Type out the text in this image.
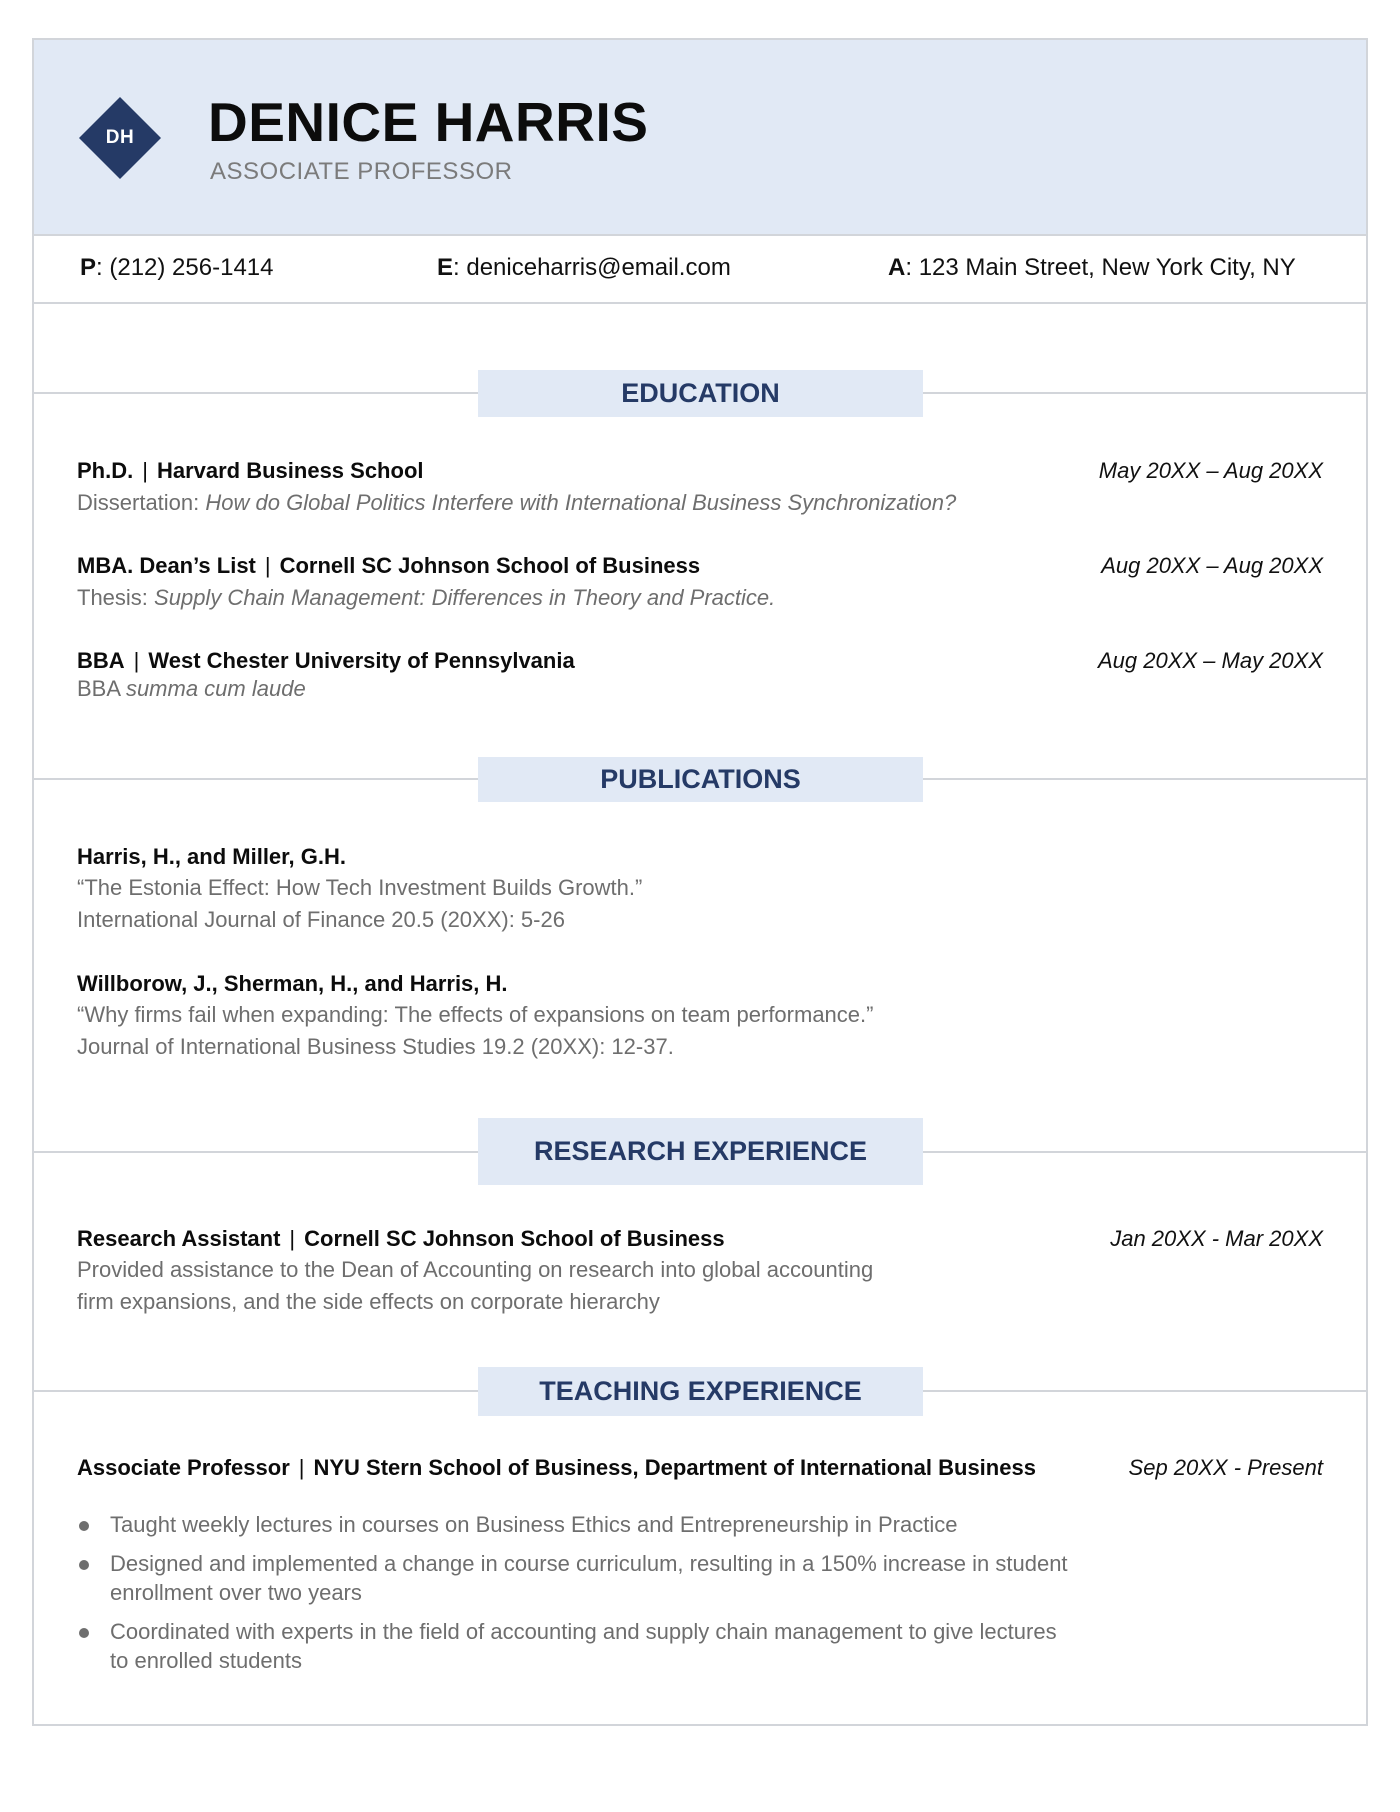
DH DENICE HARRIS
ASSOCIATE PROFESSOR
P: (212) 256-1414	E: deniceharris@email.com	A: 123 Main Street, New York City, NY
EDUCATION
Ph.D. | Harvard Business School	May 20XX – Aug 20XX
Dissertation: How do Global Politics Interfere with International Business Synchronization?
MBA. Dean’s List | Cornell SC Johnson School of Business	Aug 20XX – Aug 20XX
Thesis: Supply Chain Management: Differences in Theory and Practice.
BBA | West Chester University of Pennsylvania	Aug 20XX – May 20XX
BBA summa cum laude
PUBLICATIONS
Harris, H., and Miller, G.H.
“The Estonia Effect: How Tech Investment Builds Growth.”
International Journal of Finance 20.5 (20XX): 5-26
Willborow, J., Sherman, H., and Harris, H.
“Why firms fail when expanding: The effects of expansions on team performance.”
Journal of International Business Studies 19.2 (20XX): 12-37.
RESEARCH EXPERIENCE
Research Assistant | Cornell SC Johnson School of Business	Jan 20XX - Mar 20XX
Provided assistance to the Dean of Accounting on research into global accounting
firm expansions, and the side effects on corporate hierarchy
TEACHING EXPERIENCE
Associate Professor | NYU Stern School of Business, Department of International Business	Sep 20XX - Present
Taught weekly lectures in courses on Business Ethics and Entrepreneurship in Practice
Designed and implemented a change in course curriculum, resulting in a 150% increase in student enrollment over two years
Coordinated with experts in the field of accounting and supply chain management to give lectures to enrolled students
